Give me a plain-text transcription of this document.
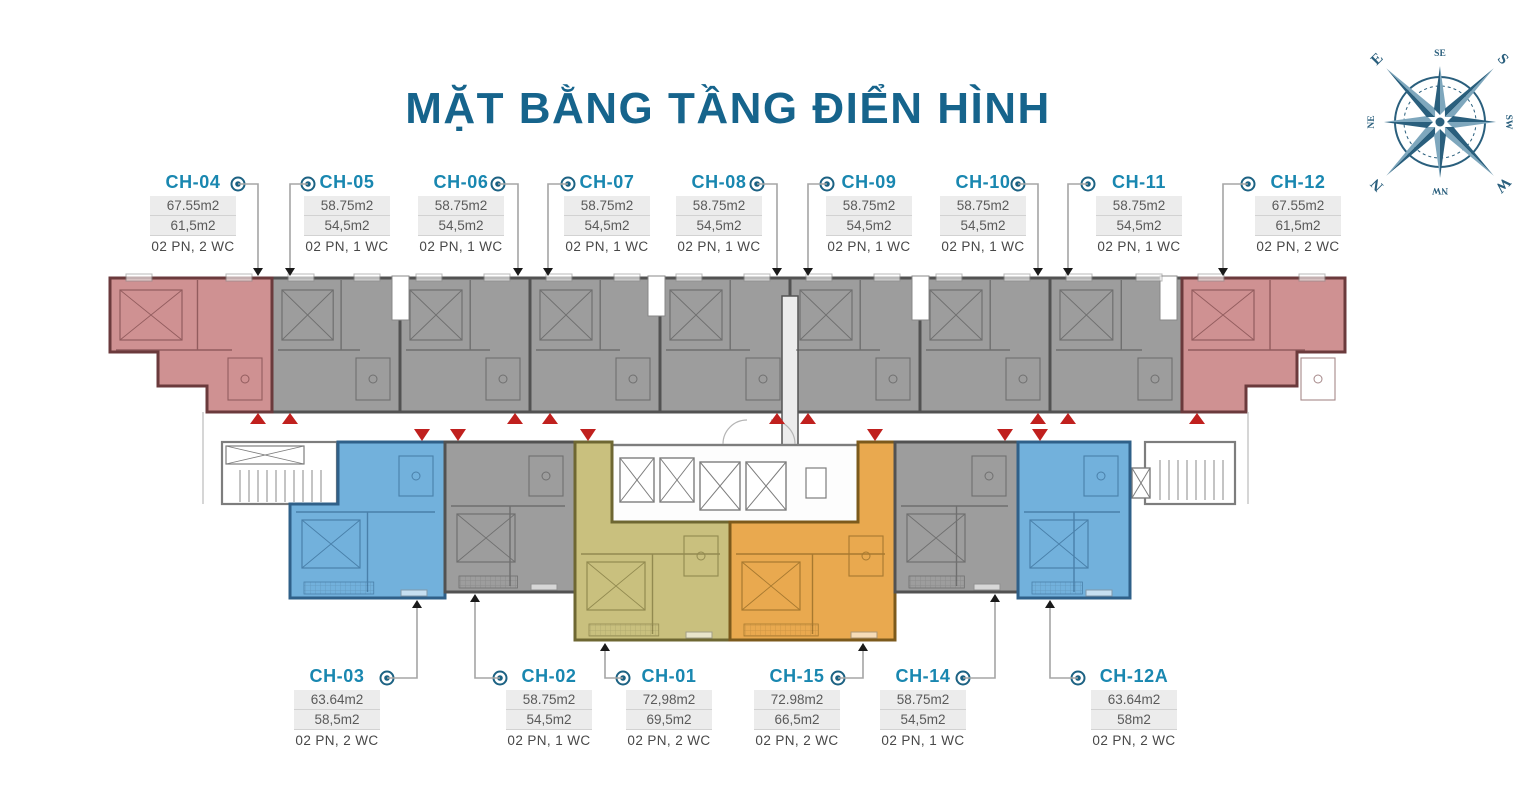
MẶT BẰNG TẦNG ĐIỂN HÌNH
N
NE
E	SE	S
SW
W
NW
CH-04
67.55m2
61,5m2
02 PN, 2 WC
CH-05
58.75m2
54,5m2
02 PN, 1 WC
CH-06
58.75m2
54,5m2
02 PN, 1 WC
CH-07
58.75m2
54,5m2
02 PN, 1 WC
CH-08
58.75m2
54,5m2
02 PN, 1 WC
CH-09
58.75m2
54,5m2
02 PN, 1 WC
CH-10
58.75m2
54,5m2
02 PN, 1 WC
CH-11
58.75m2
54,5m2
02 PN, 1 WC
CH-12
67.55m2
61,5m2
02 PN, 2 WC
CH-03
63.64m2
58,5m2
02 PN, 2 WC
CH-02
58.75m2
54,5m2
02 PN, 1 WC
CH-01
72,98m2
69,5m2
02 PN, 2 WC
CH-15
72.98m2
66,5m2
02 PN, 2 WC
CH-14
58.75m2
54,5m2
02 PN, 1 WC
CH-12A
63.64m2
58m2
02 PN, 2 WC
